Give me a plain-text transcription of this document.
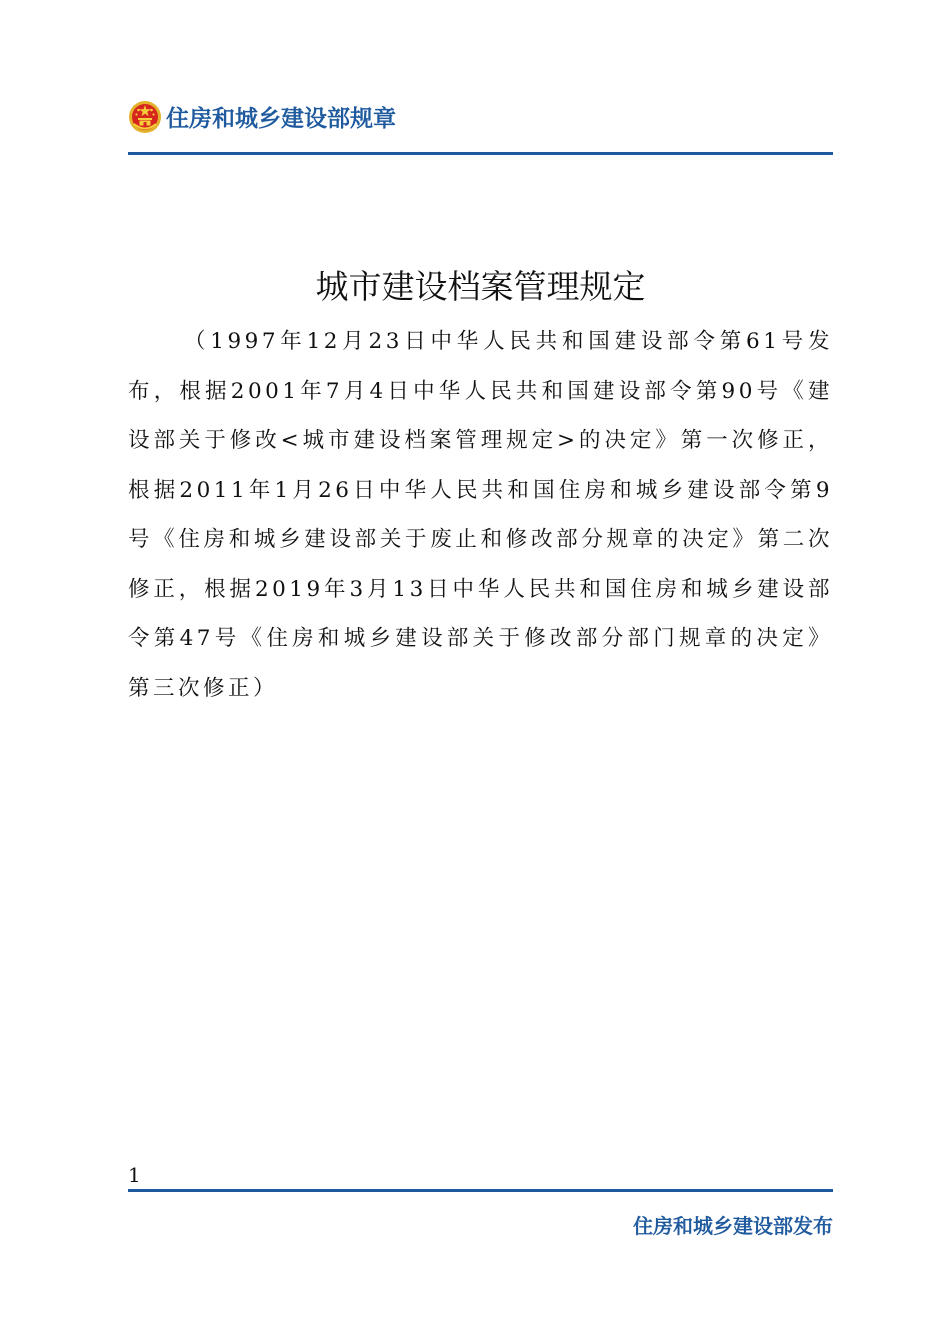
住房和城乡建设部规章
城市建设档案管理规定

（1997年12月23日中华人民共和国建设部令第61号发布，根据2001年7月4日中华人民共和国建设部令第90号《建设部关于修改<城市建设档案管理规定>的决定》第一次修正，根据2011年1月26日中华人民共和国住房和城乡建设部令第9号《住房和城乡建设部关于废止和修改部分规章的决定》第二次修正，根据2019年3月13日中华人民共和国住房和城乡建设部令第47号《住房和城乡建设部关于修改部分部门规章的决定》第三次修正）

1
住房和城乡建设部发布
